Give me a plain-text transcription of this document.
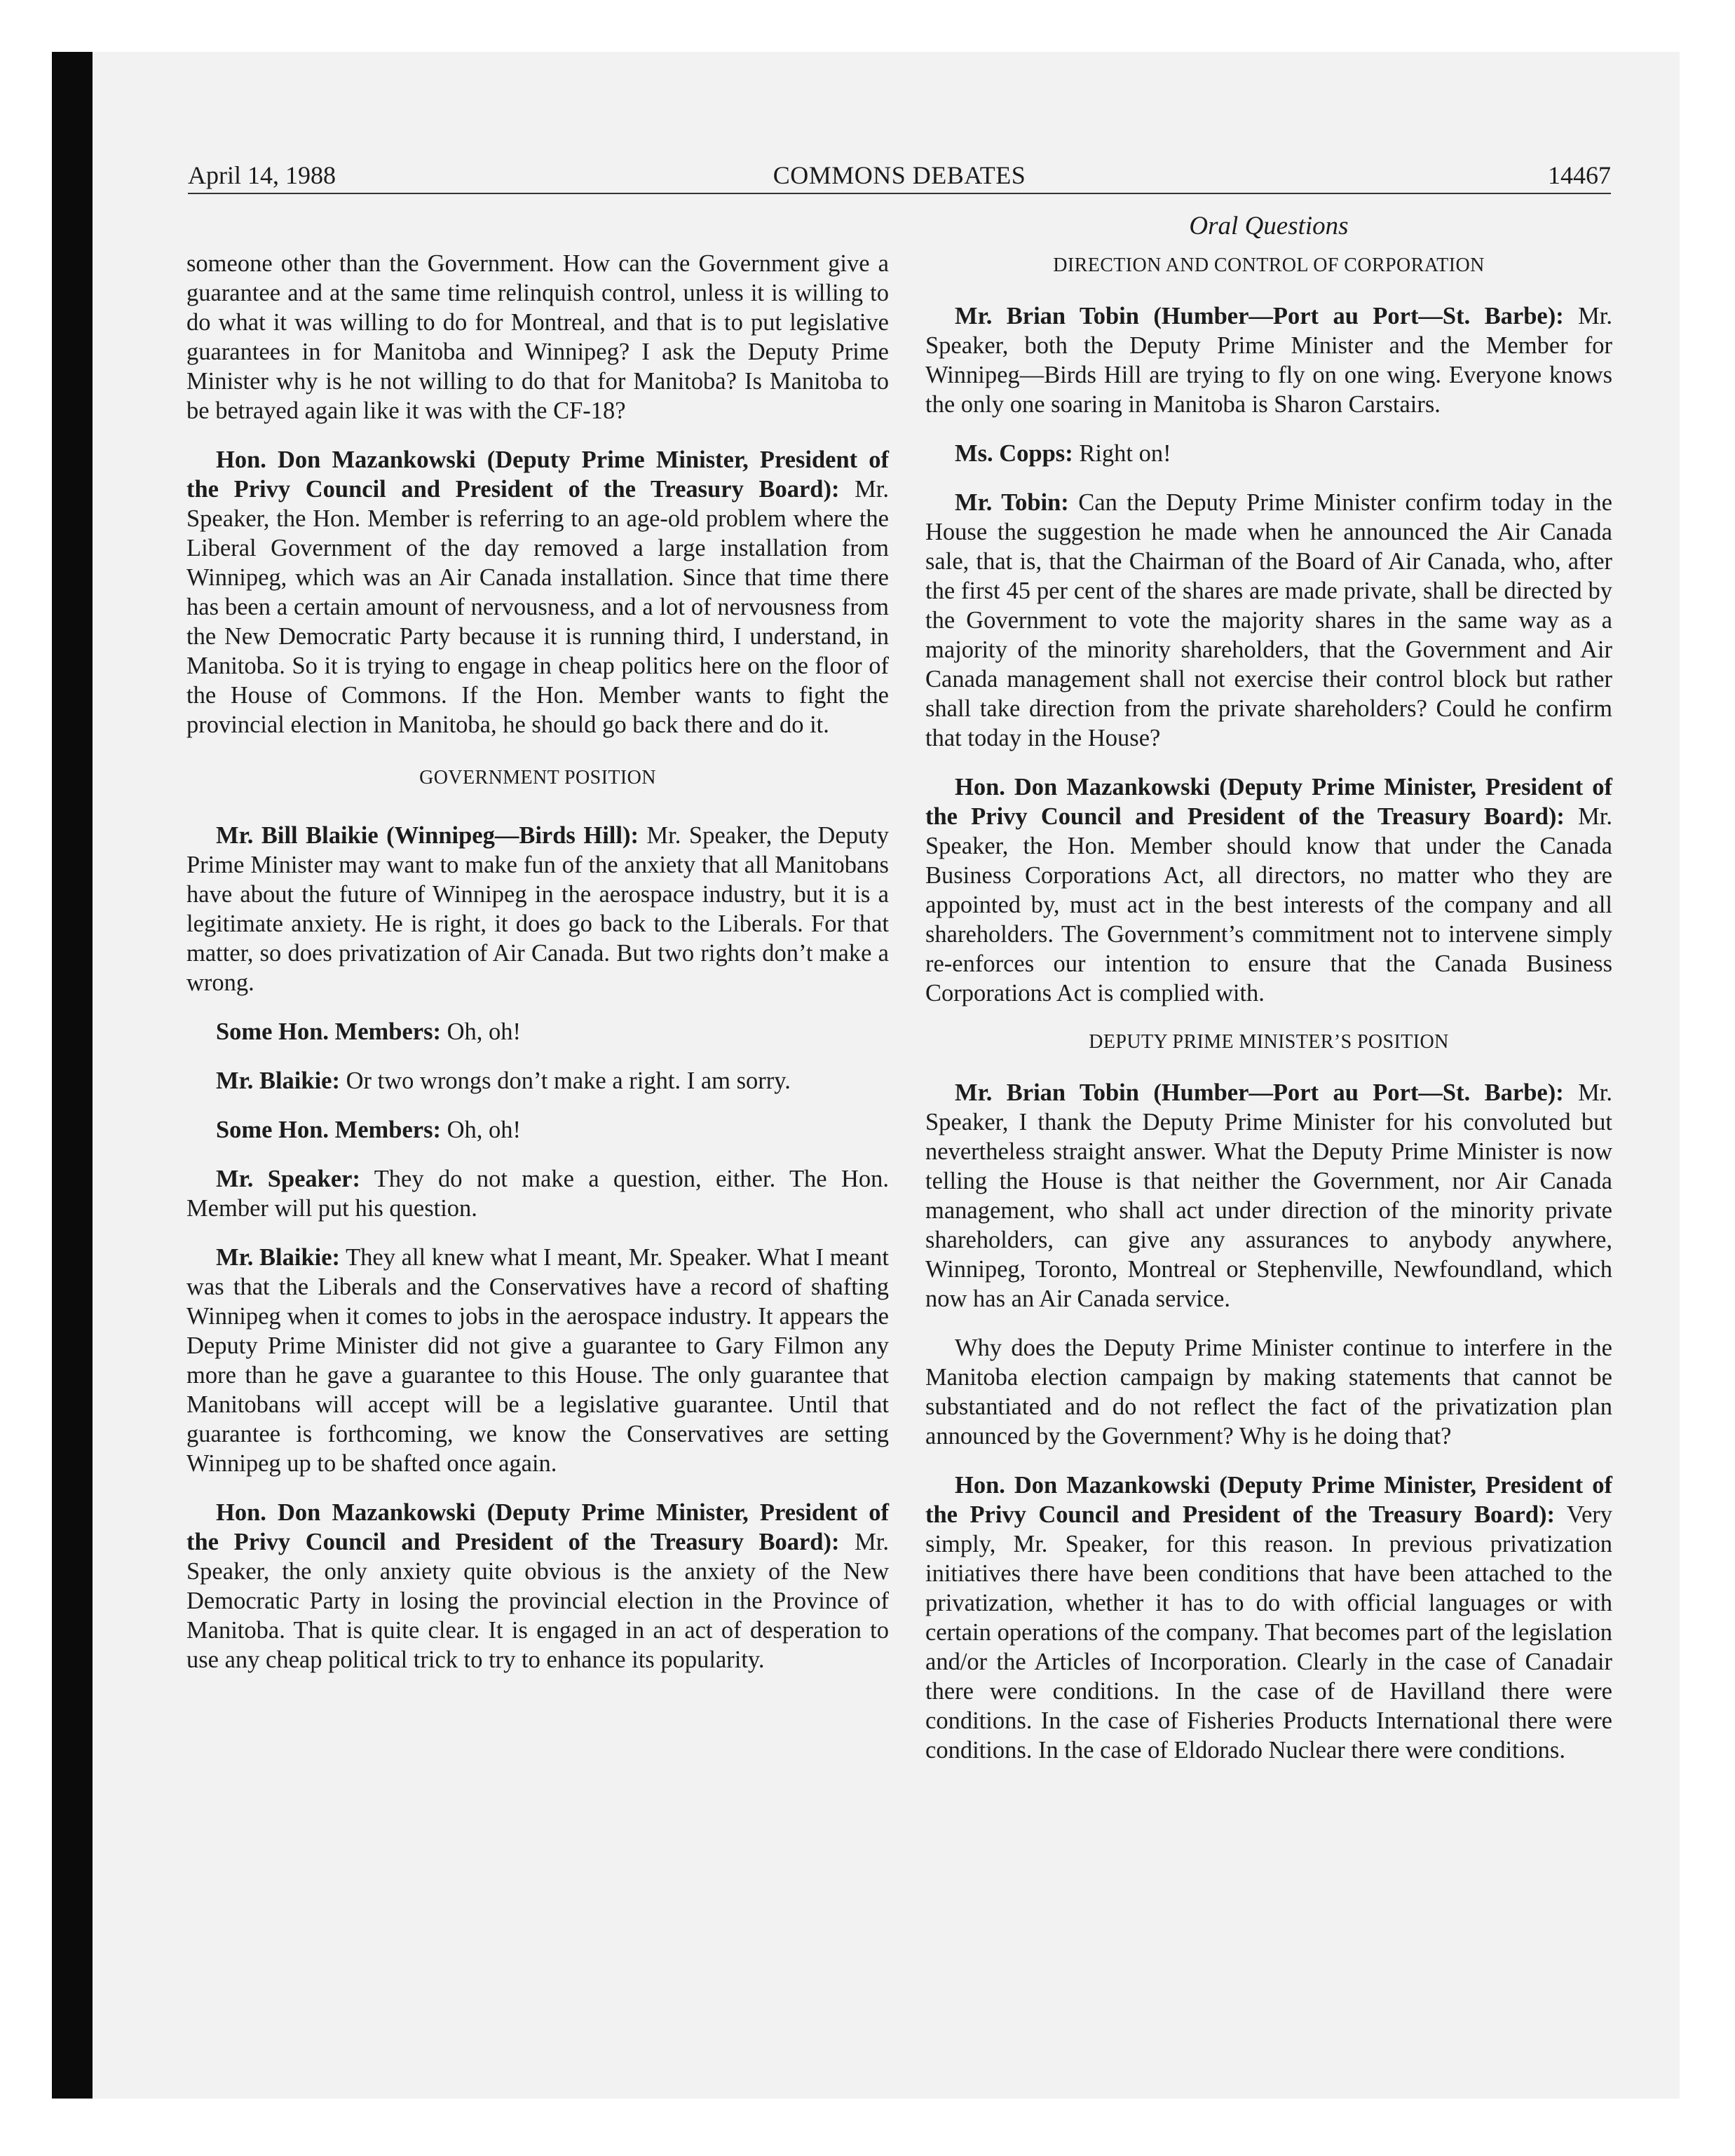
April 14, 1988	COMMONS DEBATES	14467
Oral Questions

someone other than the Government. How can the Government give a guarantee and at the same time relinquish control, unless it is willing to do what it was willing to do for Montreal, and that is to put legislative guarantees in for Manitoba and Winnipeg? I ask the Deputy Prime Minister why is he not willing to do that for Manitoba? Is Manitoba to be betrayed again like it was with the CF-18?

Hon. Don Mazankowski (Deputy Prime Minister, President of the Privy Council and President of the Treasury Board): Mr. Speaker, the Hon. Member is referring to an age-old problem where the Liberal Government of the day removed a large installation from Winnipeg, which was an Air Canada installation. Since that time there has been a certain amount of nervousness, and a lot of nervousness from the New Democratic Party because it is running third, I understand, in Manitoba. So it is trying to engage in cheap politics here on the floor of the House of Commons. If the Hon. Member wants to fight the provincial election in Manitoba, he should go back there and do it.

GOVERNMENT POSITION

Mr. Bill Blaikie (Winnipeg—Birds Hill): Mr. Speaker, the Deputy Prime Minister may want to make fun of the anxiety that all Manitobans have about the future of Winnipeg in the aerospace industry, but it is a legitimate anxiety. He is right, it does go back to the Liberals. For that matter, so does privatization of Air Canada. But two rights don’t make a wrong.

Some Hon. Members: Oh, oh!

Mr. Blaikie: Or two wrongs don’t make a right. I am sorry.

Some Hon. Members: Oh, oh!

Mr. Speaker: They do not make a question, either. The Hon. Member will put his question.

Mr. Blaikie: They all knew what I meant, Mr. Speaker. What I meant was that the Liberals and the Conservatives have a record of shafting Winnipeg when it comes to jobs in the aerospace industry. It appears the Deputy Prime Minister did not give a guarantee to Gary Filmon any more than he gave a guarantee to this House. The only guarantee that Manitobans will accept will be a legislative guarantee. Until that guarantee is forthcoming, we know the Conservatives are setting Winnipeg up to be shafted once again.

Hon. Don Mazankowski (Deputy Prime Minister, President of the Privy Council and President of the Treasury Board): Mr. Speaker, the only anxiety quite obvious is the anxiety of the New Democratic Party in losing the provincial election in the Province of Manitoba. That is quite clear. It is engaged in an act of desperation to use any cheap political trick to try to enhance its popularity.

DIRECTION AND CONTROL OF CORPORATION

Mr. Brian Tobin (Humber—Port au Port—St. Barbe): Mr. Speaker, both the Deputy Prime Minister and the Member for Winnipeg—Birds Hill are trying to fly on one wing. Everyone knows the only one soaring in Manitoba is Sharon Carstairs.

Ms. Copps: Right on!

Mr. Tobin: Can the Deputy Prime Minister confirm today in the House the suggestion he made when he announced the Air Canada sale, that is, that the Chairman of the Board of Air Canada, who, after the first 45 per cent of the shares are made private, shall be directed by the Government to vote the majority shares in the same way as a majority of the minority shareholders, that the Government and Air Canada management shall not exercise their control block but rather shall take direction from the private shareholders? Could he confirm that today in the House?

Hon. Don Mazankowski (Deputy Prime Minister, President of the Privy Council and President of the Treasury Board): Mr. Speaker, the Hon. Member should know that under the Canada Business Corporations Act, all directors, no matter who they are appointed by, must act in the best interests of the company and all shareholders. The Government’s commitment not to intervene simply re-enforces our intention to ensure that the Canada Business Corporations Act is complied with.

DEPUTY PRIME MINISTER’S POSITION

Mr. Brian Tobin (Humber—Port au Port—St. Barbe): Mr. Speaker, I thank the Deputy Prime Minister for his convoluted but nevertheless straight answer. What the Deputy Prime Minister is now telling the House is that neither the Government, nor Air Canada management, who shall act under direction of the minority private shareholders, can give any assurances to anybody anywhere, Winnipeg, Toronto, Montreal or Stephenville, Newfoundland, which now has an Air Canada service.

Why does the Deputy Prime Minister continue to interfere in the Manitoba election campaign by making statements that cannot be substantiated and do not reflect the fact of the privatization plan announced by the Government? Why is he doing that?

Hon. Don Mazankowski (Deputy Prime Minister, President of the Privy Council and President of the Treasury Board): Very simply, Mr. Speaker, for this reason. In previous privatization initiatives there have been conditions that have been attached to the privatization, whether it has to do with official languages or with certain operations of the company. That becomes part of the legislation and/or the Articles of Incorporation. Clearly in the case of Canadair there were conditions. In the case of de Havilland there were conditions. In the case of Fisheries Products International there were conditions. In the case of Eldorado Nuclear there were conditions.
